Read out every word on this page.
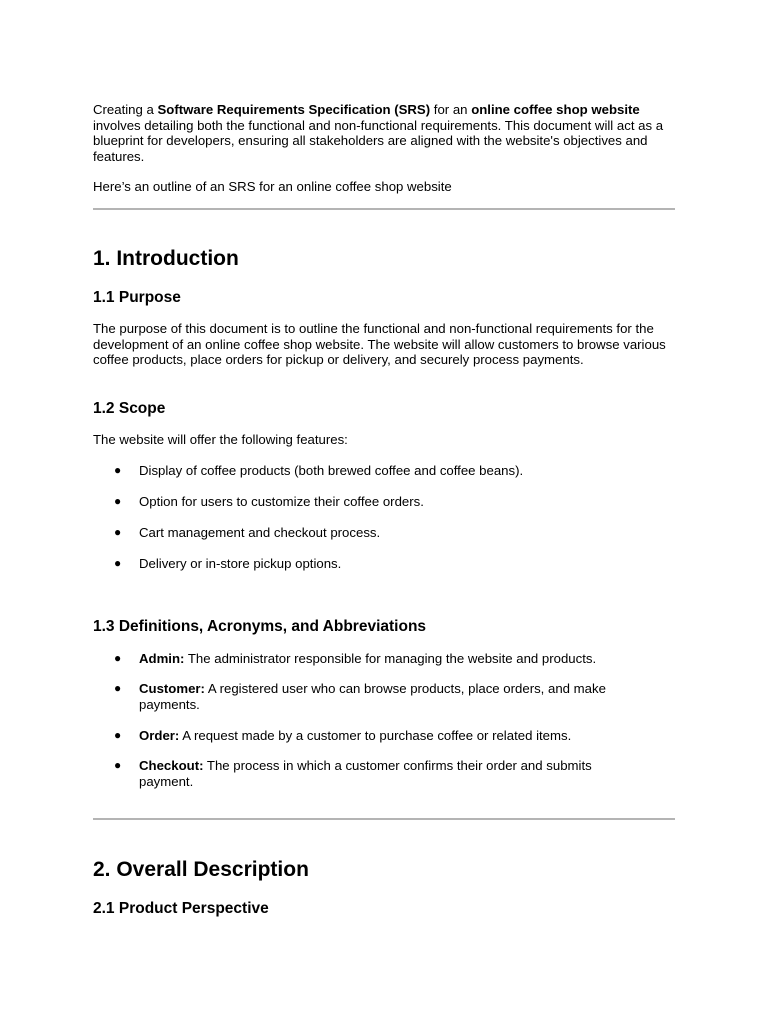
Creating a Software Requirements Specification (SRS) for an online coffee shop website involves detailing both the functional and non-functional requirements. This document will act as a blueprint for developers, ensuring all stakeholders are aligned with the website's objectives and features.

Here’s an outline of an SRS for an online coffee shop website

1. Introduction
1.1 Purpose

The purpose of this document is to outline the functional and non-functional requirements for the development of an online coffee shop website. The website will allow customers to browse various coffee products, place orders for pickup or delivery, and securely process payments.

1.2 Scope

The website will offer the following features:

● Display of coffee products (both brewed coffee and coffee beans).
● Option for users to customize their coffee orders.
● Cart management and checkout process.
● Delivery or in-store pickup options.
1.3 Definitions, Acronyms, and Abbreviations
● Admin: The administrator responsible for managing the website and products.
● Customer: A registered user who can browse products, place orders, and make payments.
● Order: A request made by a customer to purchase coffee or related items.
● Checkout: The process in which a customer confirms their order and submits payment.
2. Overall Description
2.1 Product Perspective
